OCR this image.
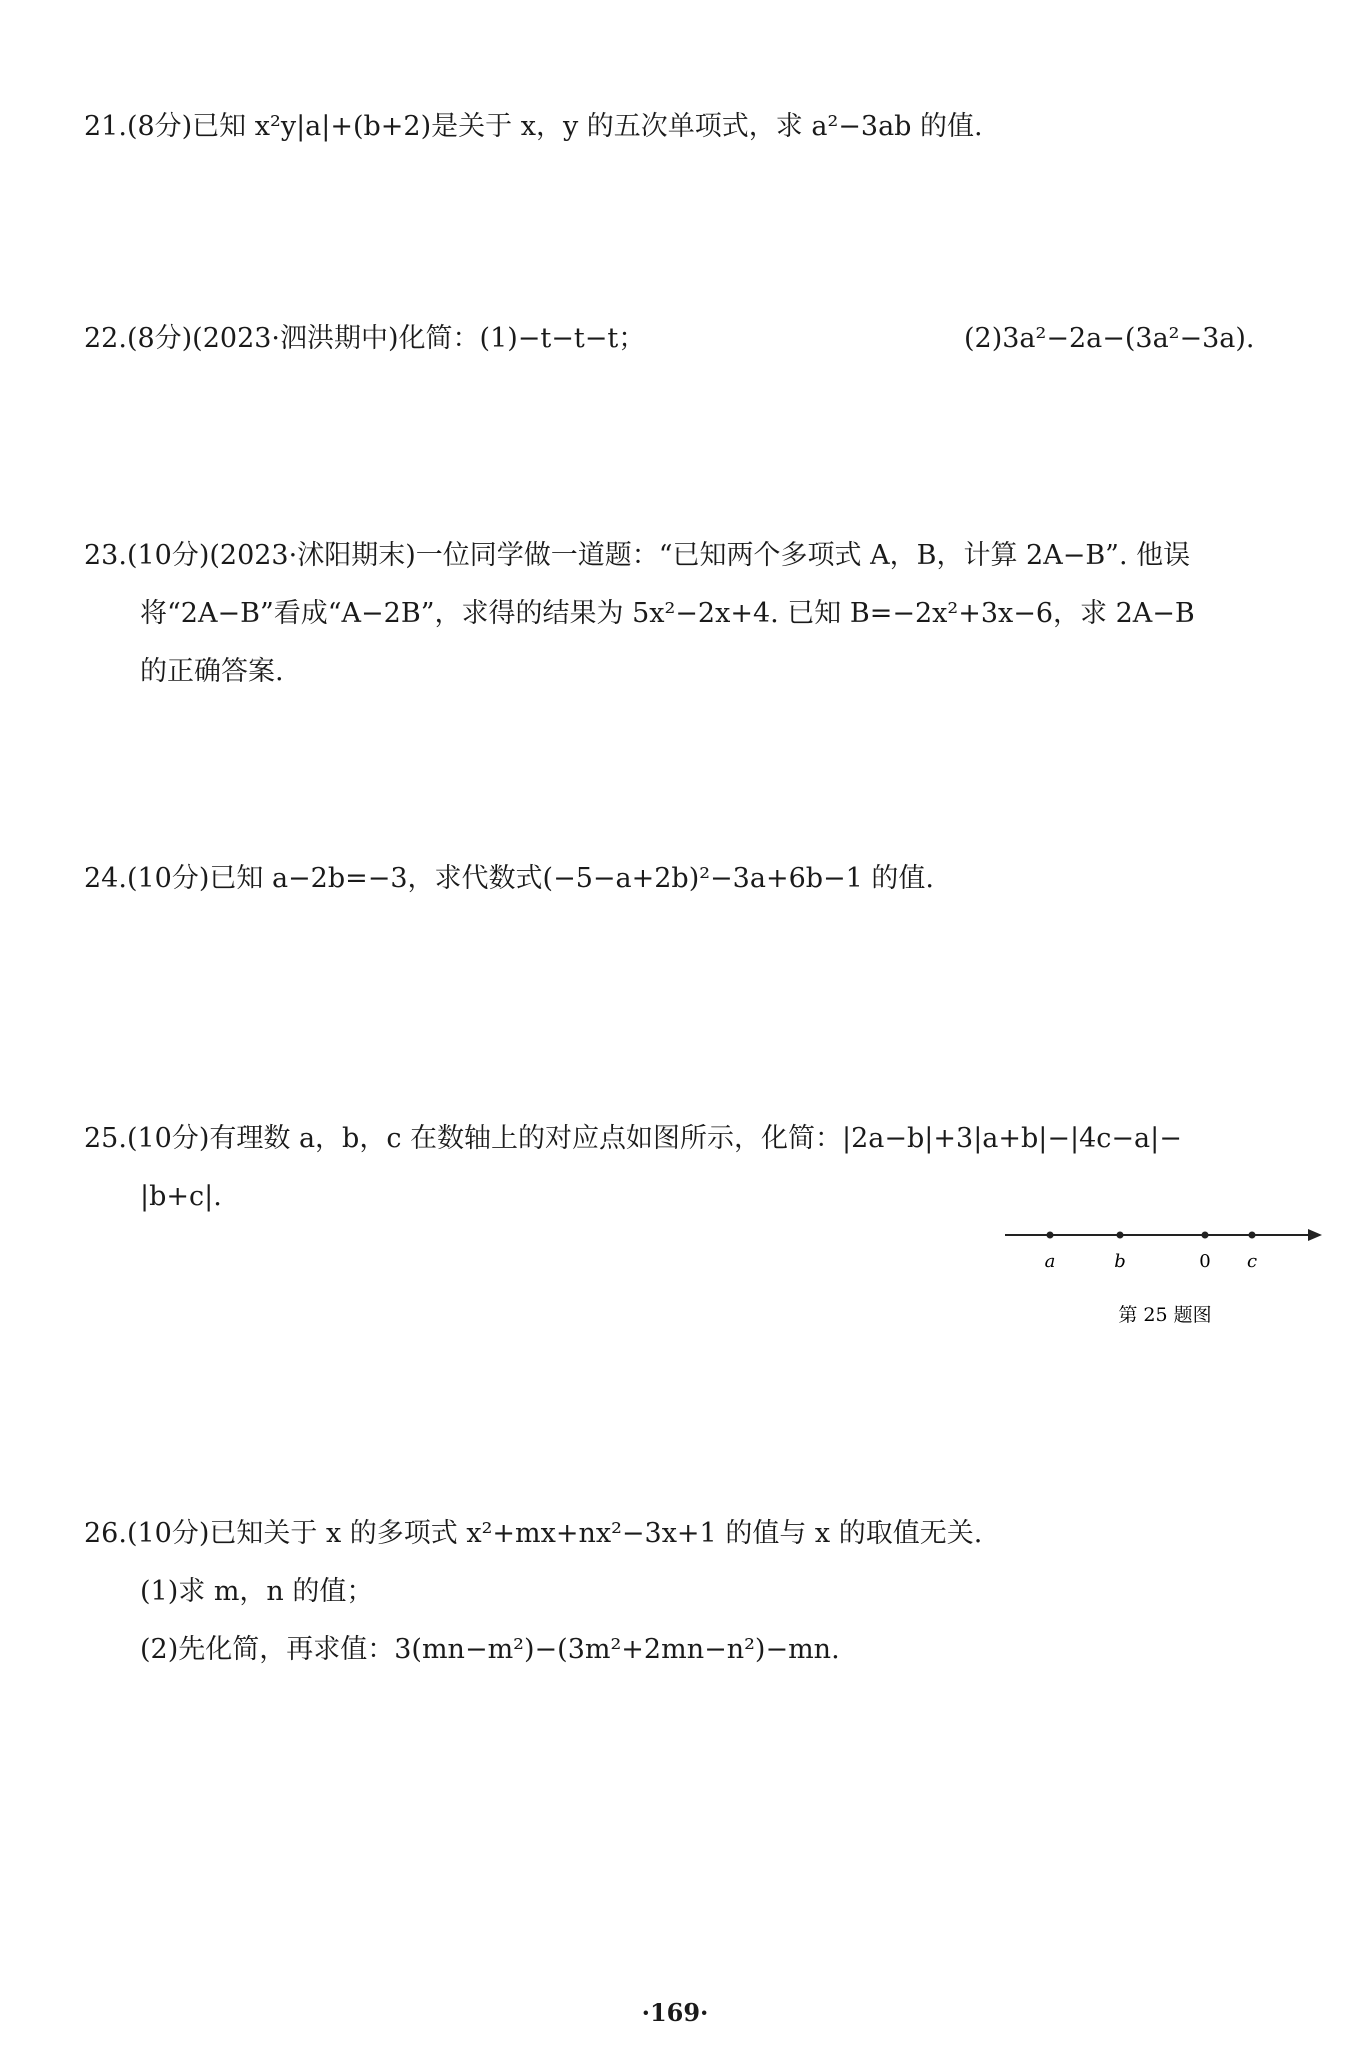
21.(8分)已知 x²y|a|+(b+2)是关于 x，y 的五次单项式，求 a²−3ab 的值.
22.(8分)(2023·泗洪期中)化简：(1)−t−t−t；	(2)3a²−2a−(3a²−3a).
23.(10分)(2023·沭阳期末)一位同学做一道题：“已知两个多项式 A，B，计算 2A−B”. 他误
将“2A−B”看成“A−2B”，求得的结果为 5x²−2x+4. 已知 B=−2x²+3x−6，求 2A−B
的正确答案.
24.(10分)已知 a−2b=−3，求代数式(−5−a+2b)²−3a+6b−1 的值.
25.(10分)有理数 a，b，c 在数轴上的对应点如图所示，化简：|2a−b|+3|a+b|−|4c−a|−
|b+c|.
a	b	0 c
第 25 题图
26.(10分)已知关于 x 的多项式 x²+mx+nx²−3x+1 的值与 x 的取值无关.
(1)求 m，n 的值；
(2)先化简，再求值：3(mn−m²)−(3m²+2mn−n²)−mn.
·169·
